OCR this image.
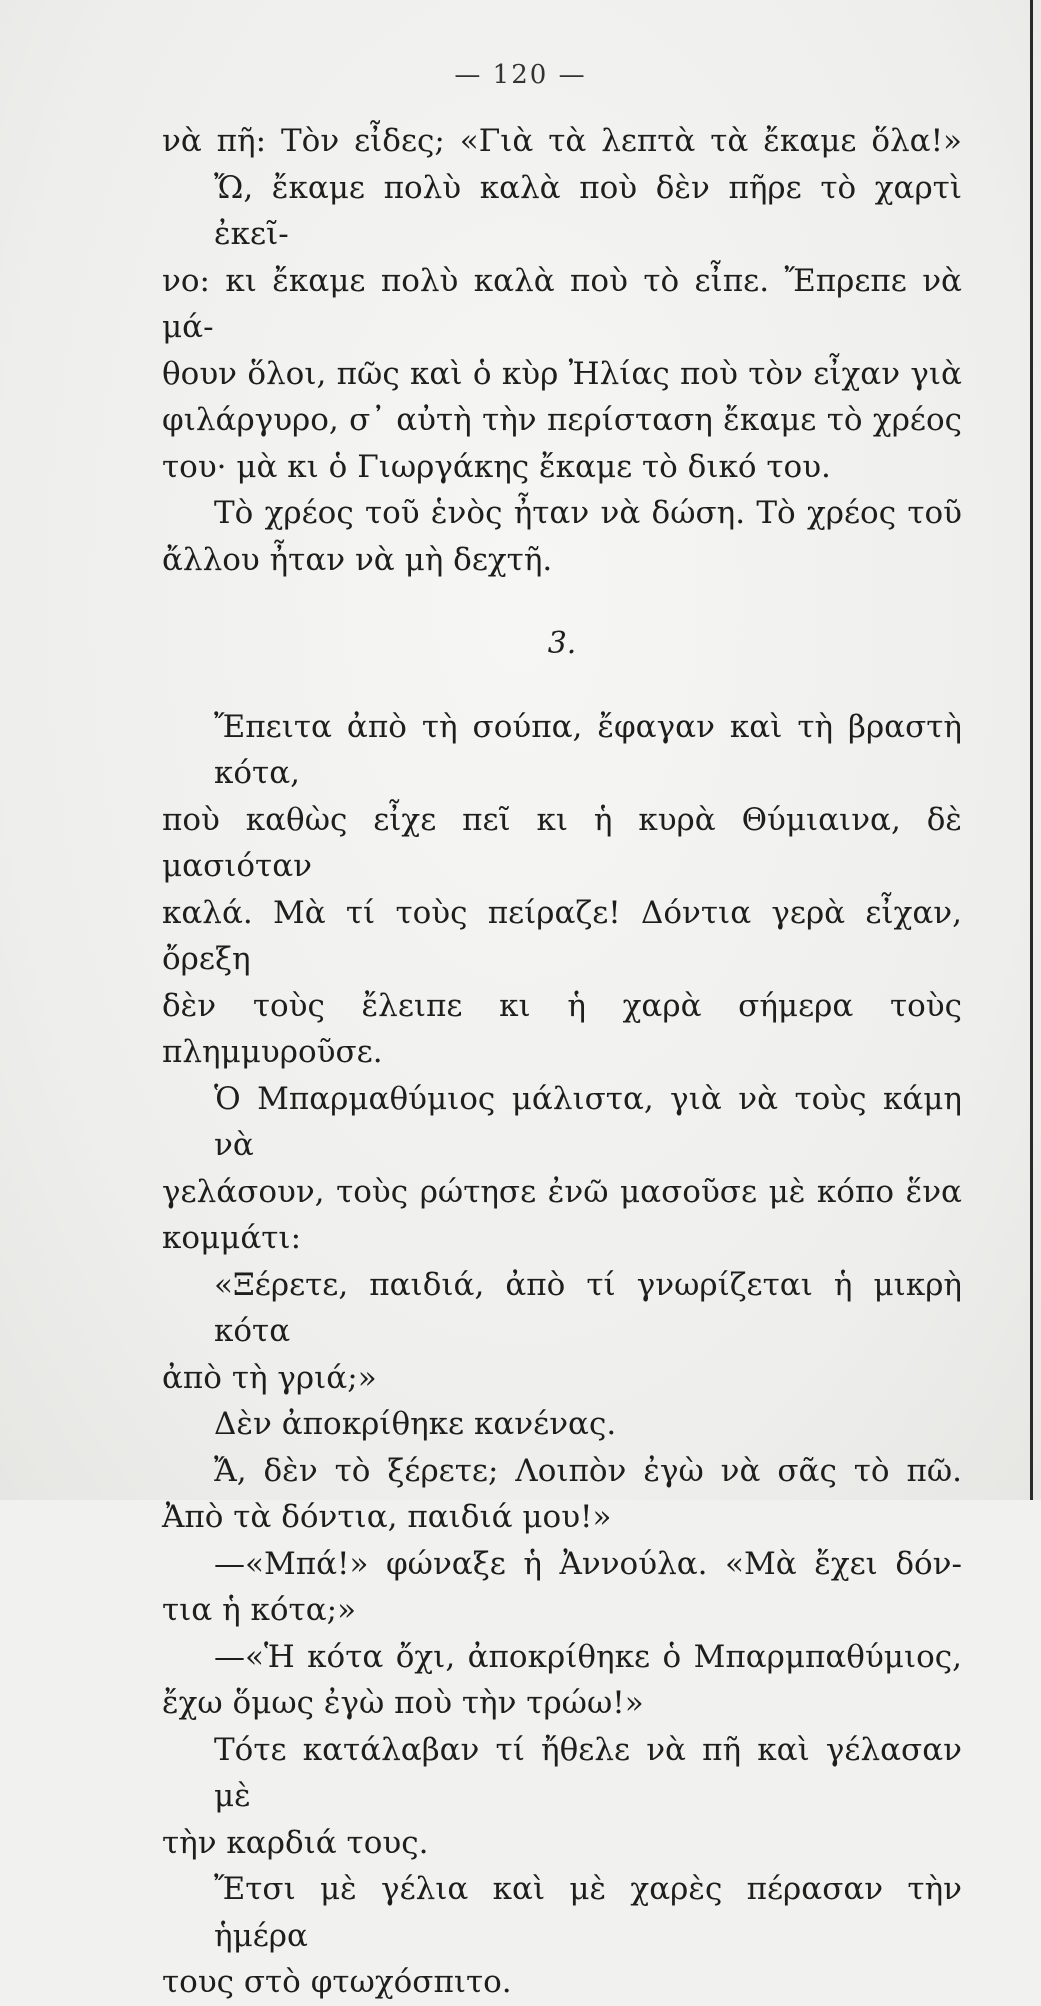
— 120 —
νὰ πῆ: Τὸν εἶδες; «Γιὰ τὰ λεπτὰ τὰ ἔκαμε ὅλα!»
Ὤ, ἔκαμε πολὺ καλὰ ποὺ δὲν πῆρε τὸ χαρτὶ ἐκεῖ-
νο: κι ἔκαμε πολὺ καλὰ ποὺ τὸ εἶπε. Ἔπρεπε νὰ μά-
θουν ὅλοι, πῶς καὶ ὁ κὺρ Ἠλίας ποὺ τὸν εἶχαν γιὰ
φιλάργυρο, σ᾿ αὐτὴ τὴν περίσταση ἔκαμε τὸ χρέος
του· μὰ κι ὁ Γιωργάκης ἔκαμε τὸ δικό του.
Τὸ χρέος τοῦ ἑνὸς ἦταν νὰ δώση. Τὸ χρέος τοῦ
ἄλλου ἦταν νὰ μὴ δεχτῆ.
3.
Ἔπειτα ἀπὸ τὴ σούπα, ἔφαγαν καὶ τὴ βραστὴ κότα,
ποὺ καθὼς εἶχε πεῖ κι ἡ κυρὰ Θύμιαινα, δὲ μασιόταν
καλά. Μὰ τί τοὺς πείραζε! Δόντια γερὰ εἶχαν, ὄρεξη
δὲν τοὺς ἔλειπε κι ἡ χαρὰ σήμερα τοὺς πλημμυροῦσε.
Ὁ Μπαρμαθύμιος μάλιστα, γιὰ νὰ τοὺς κάμη νὰ
γελάσουν, τοὺς ρώτησε ἐνῶ μασοῦσε μὲ κόπο ἕνα
κομμάτι:
«Ξέρετε, παιδιά, ἀπὸ τί γνωρίζεται ἡ μικρὴ κότα
ἀπὸ τὴ γριά;»
Δὲν ἀποκρίθηκε κανένας.
Ἄ, δὲν τὸ ξέρετε; Λοιπὸν ἐγὼ νὰ σᾶς τὸ πῶ.
Ἀπὸ τὰ δόντια, παιδιά μου!»
—«Μπά!» φώναξε ἡ Ἀννούλα. «Μὰ ἔχει δόν-
τια ἡ κότα;»
—«Ἡ κότα ὄχι, ἀποκρίθηκε ὁ Μπαρμπαθύμιος,
ἔχω ὅμως ἐγὼ ποὺ τὴν τρώω!»
Τότε κατάλαβαν τί ἤθελε νὰ πῆ καὶ γέλασαν μὲ
τὴν καρδιά τους.
Ἔτσι μὲ γέλια καὶ μὲ χαρὲς πέρασαν τὴν ἡμέρα
τους στὸ φτωχόσπιτο.
